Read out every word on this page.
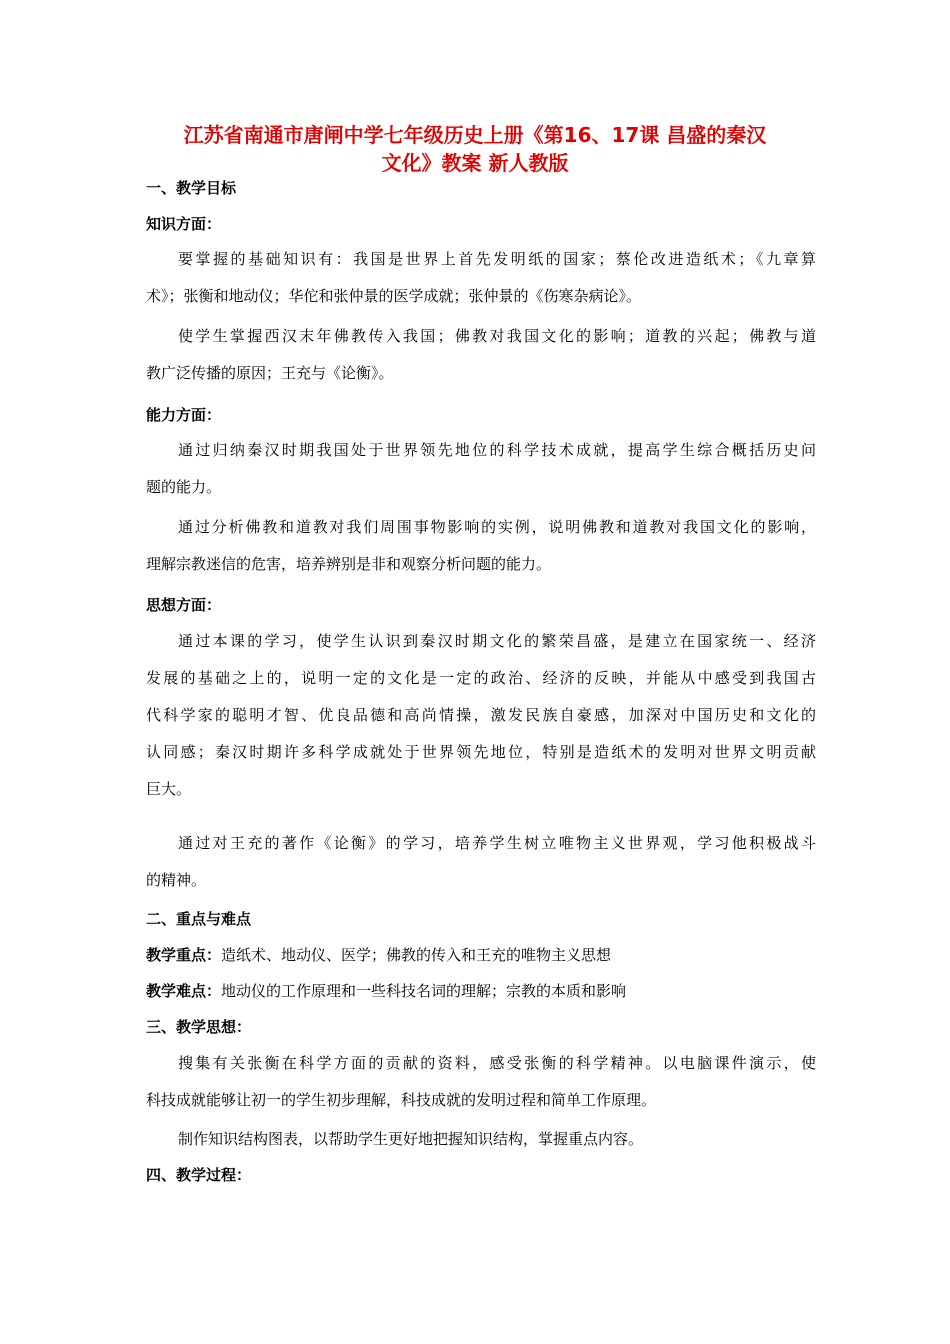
江苏省南通市唐闸中学七年级历史上册《第16、17课 昌盛的秦汉
文化》教案 新人教版
一、教学目标
知识方面：
要掌握的基础知识有：我国是世界上首先发明纸的国家；蔡伦改进造纸术；《九章算
术》；张衡和地动仪；华佗和张仲景的医学成就；张仲景的《伤寒杂病论》。
使学生掌握西汉末年佛教传入我国；佛教对我国文化的影响；道教的兴起；佛教与道
教广泛传播的原因；王充与《论衡》。
能力方面：
通过归纳秦汉时期我国处于世界领先地位的科学技术成就，提高学生综合概括历史问
题的能力。
通过分析佛教和道教对我们周围事物影响的实例，说明佛教和道教对我国文化的影响，
理解宗教迷信的危害，培养辨别是非和观察分析问题的能力。
思想方面：
通过本课的学习，使学生认识到秦汉时期文化的繁荣昌盛，是建立在国家统一、经济
发展的基础之上的，说明一定的文化是一定的政治、经济的反映，并能从中感受到我国古
代科学家的聪明才智、优良品德和高尚情操，激发民族自豪感，加深对中国历史和文化的
认同感；秦汉时期许多科学成就处于世界领先地位，特别是造纸术的发明对世界文明贡献
巨大。
通过对王充的著作《论衡》的学习，培养学生树立唯物主义世界观，学习他积极战斗
的精神。
二、重点与难点
教学重点：造纸术、地动仪、医学；佛教的传入和王充的唯物主义思想
教学难点：地动仪的工作原理和一些科技名词的理解；宗教的本质和影响
三、教学思想：
搜集有关张衡在科学方面的贡献的资料，感受张衡的科学精神。以电脑课件演示，使
科技成就能够让初一的学生初步理解，科技成就的发明过程和简单工作原理。
制作知识结构图表，以帮助学生更好地把握知识结构，掌握重点内容。
四、教学过程：
